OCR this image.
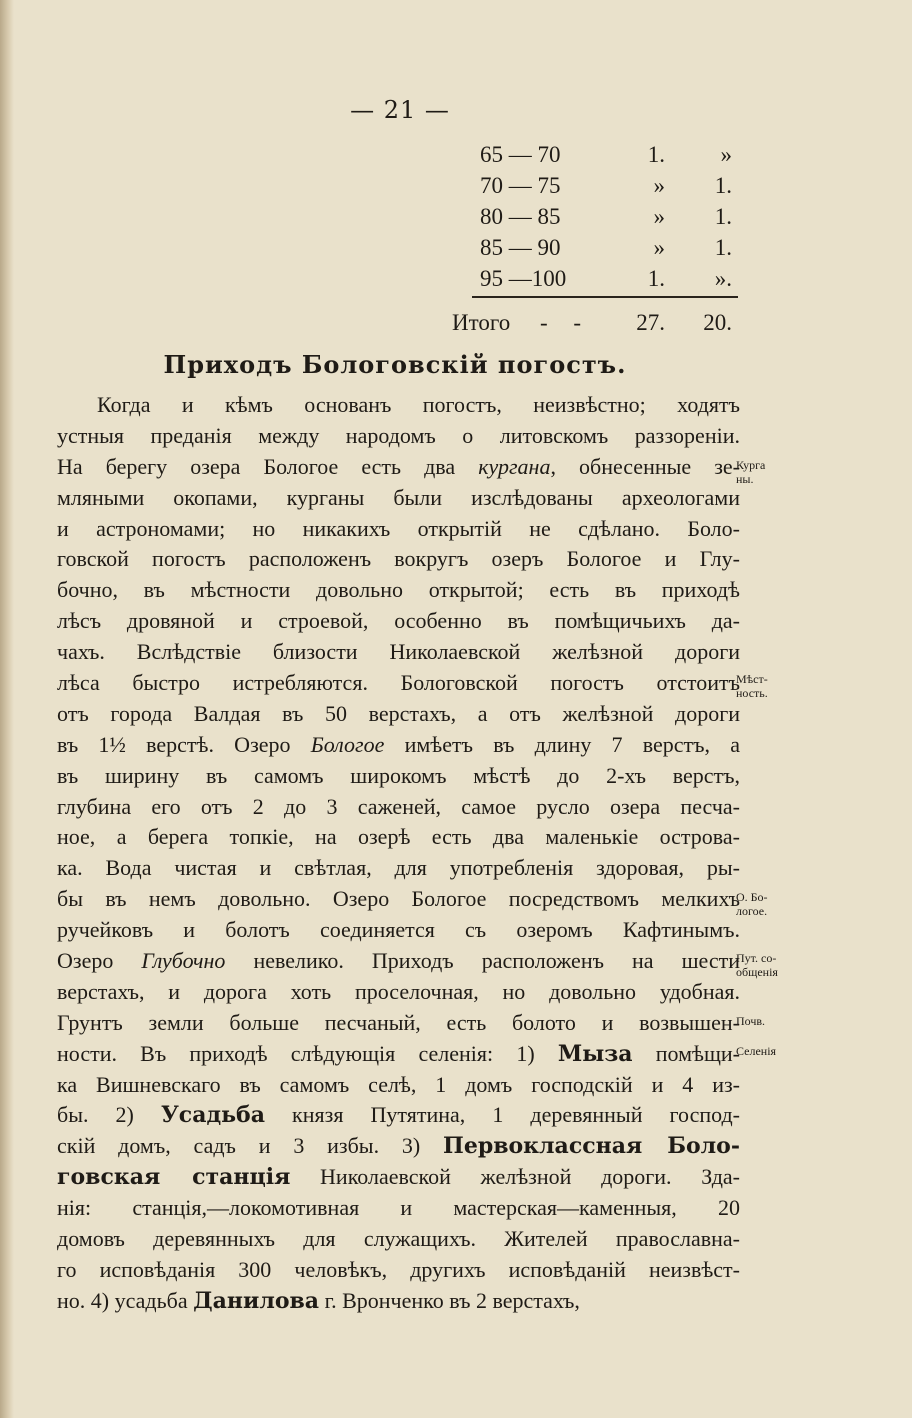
— 21 —
65 — 70	1.	»
70 — 75	»	1.
80 — 85	»	1.
85 — 90	»	1.
95 —100	1.	».
Итого - -	27.	20.
Приходъ Бологовскій погостъ.
Когда и кѣмъ основанъ погостъ, неизвѣстно; ходятъ
устныя преданія между народомъ о литовскомъ раззореніи.
На берегу озера Бологое есть два кургана, обнесенные зе-
мляными окопами, курганы были изслѣдованы археологами
и астрономами; но никакихъ открытій не сдѣлано. Боло-
говской погостъ расположенъ вокругъ озеръ Бологое и Глу-
бочно, въ мѣстности довольно открытой; есть въ приходѣ
лѣсъ дровяной и строевой, особенно въ помѣщичьихъ да-
чахъ. Вслѣдствіе близости Николаевской желѣзной дороги
лѣса быстро истребляются. Бологовской погостъ отстоитъ
отъ города Валдая въ 50 верстахъ, а отъ желѣзной дороги
въ 1½ верстѣ. Озеро Бологое имѣетъ въ длину 7 верстъ, а
въ ширину въ самомъ широкомъ мѣстѣ до 2-хъ верстъ,
глубина его отъ 2 до 3 саженей, самое русло озера песча-
ное, а берега топкіе, на озерѣ есть два маленькіе острова-
ка. Вода чистая и свѣтлая, для употребленія здоровая, ры-
бы въ немъ довольно. Озеро Бологое посредствомъ мелкихъ
ручейковъ и болотъ соединяется съ озеромъ Кафтинымъ.
Озеро Глубочно невелико. Приходъ расположенъ на шести
верстахъ, и дорога хоть проселочная, но довольно удобная.
Грунтъ земли больше песчаный, есть болото и возвышен-
ности. Въ приходѣ слѣдующія селенія: 1) Мыза помѣщи-
ка Вишневскаго въ самомъ селѣ, 1 домъ господскій и 4 из-
бы. 2) Усадьба князя Путятина, 1 деревянный господ-
скій домъ, садъ и 3 избы. 3) Первоклассная Боло-
говская станція Николаевской желѣзной дороги. Зда-
нія: станція,—локомотивная и мастерская—каменныя, 20
домовъ деревянныхъ для служащихъ. Жителей православна-
го исповѣданія 300 человѣкъ, другихъ исповѣданій неизвѣст-
но. 4) усадьба Данилова г. Вронченко въ 2 верстахъ,
Курга
ны.
Мѣст-
ность.
О. Бо-
логое.
Пут. со-
общенія
Почв.
Селенія
